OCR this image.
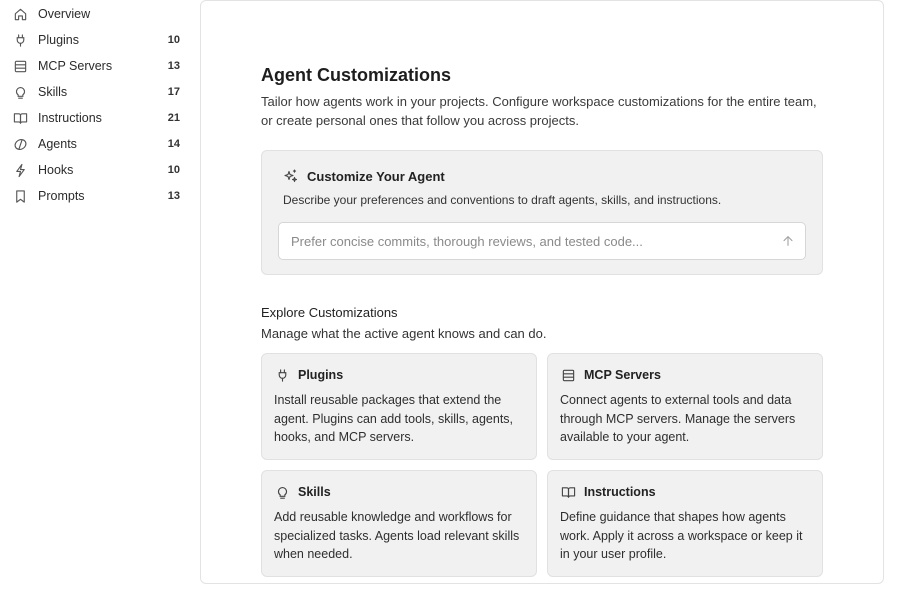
Overview
Plugins	10
MCP Servers	13
Skills	17
Instructions	21
Agents	14
Hooks	10
Prompts	13
Agent Customizations

Tailor how agents work in your projects. Configure workspace customizations for the entire team, or create personal ones that follow you across projects.

Customize Your Agent
Describe your preferences and conventions to draft agents, skills, and instructions.
Prefer concise commits, thorough reviews, and tested code...
Explore Customizations
Manage what the active agent knows and can do.
Plugins
Install reusable packages that extend the agent. Plugins can add tools, skills, agents, hooks, and MCP servers.
MCP Servers
Connect agents to external tools and data through MCP servers. Manage the servers available to your agent.
Skills
Add reusable knowledge and workflows for specialized tasks. Agents load relevant skills when needed.
Instructions
Define guidance that shapes how agents work. Apply it across a workspace or keep it in your user profile.
